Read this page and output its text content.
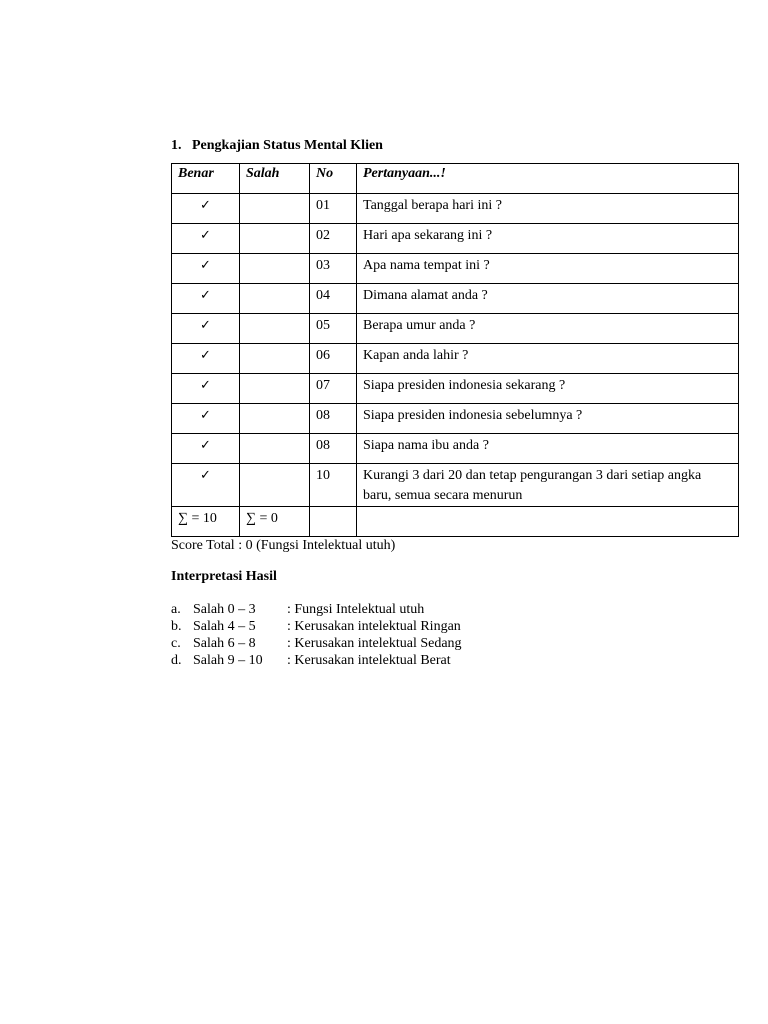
1. Pengkajian Status Mental Klien
Benar	Salah	No	Pertanyaan...!
✓		01	Tanggal berapa hari ini ?
✓		02	Hari apa sekarang ini ?
✓		03	Apa nama tempat ini ?
✓		04	Dimana alamat anda ?
✓		05	Berapa umur anda ?
✓		06	Kapan anda lahir ?
✓		07	Siapa presiden indonesia sekarang ?
✓		08	Siapa presiden indonesia sebelumnya ?
✓		08	Siapa nama ibu anda ?
✓		10	Kurangi 3 dari 20 dan tetap pengurangan 3 dari setiap angka baru, semua secara menurun
∑ = 10	∑ = 0		

Score Total : 0 (Fungsi Intelektual utuh)

Interpretasi Hasil
a. Salah 0 – 3	: Fungsi Intelektual utuh
b. Salah 4 – 5	: Kerusakan intelektual Ringan
c. Salah 6 – 8	: Kerusakan intelektual Sedang
d. Salah 9 – 10	: Kerusakan intelektual Berat
